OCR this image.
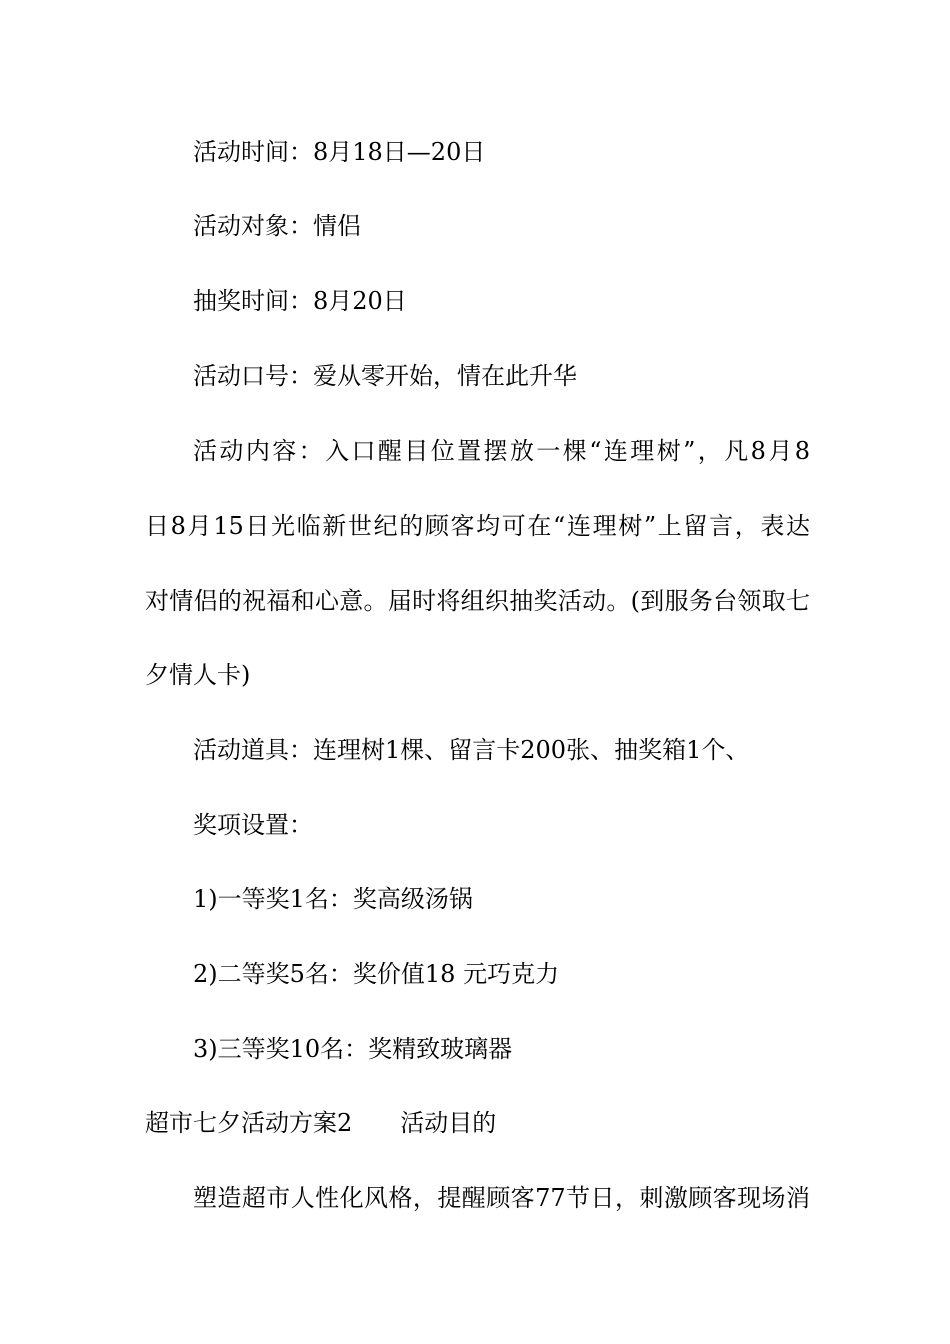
活动时间：8月18日—20日
活动对象：情侣
抽奖时间：8月20日
活动口号：爱从零开始，情在此升华
活动内容：入口醒目位置摆放一棵“连理树”，凡8月8
日8月15日光临新世纪的顾客均可在“连理树”上留言，表达
对情侣的祝福和心意。届时将组织抽奖活动。(到服务台领取七
夕情人卡)
活动道具：连理树1棵、留言卡200张、抽奖箱1个、
奖项设置：
1)一等奖1名：奖高级汤锅
2)二等奖5名：奖价值18 元巧克力
3)三等奖10名：奖精致玻璃器
超市七夕活动方案2 活动目的
塑造超市人性化风格，提醒顾客77节日，刺激顾客现场消
